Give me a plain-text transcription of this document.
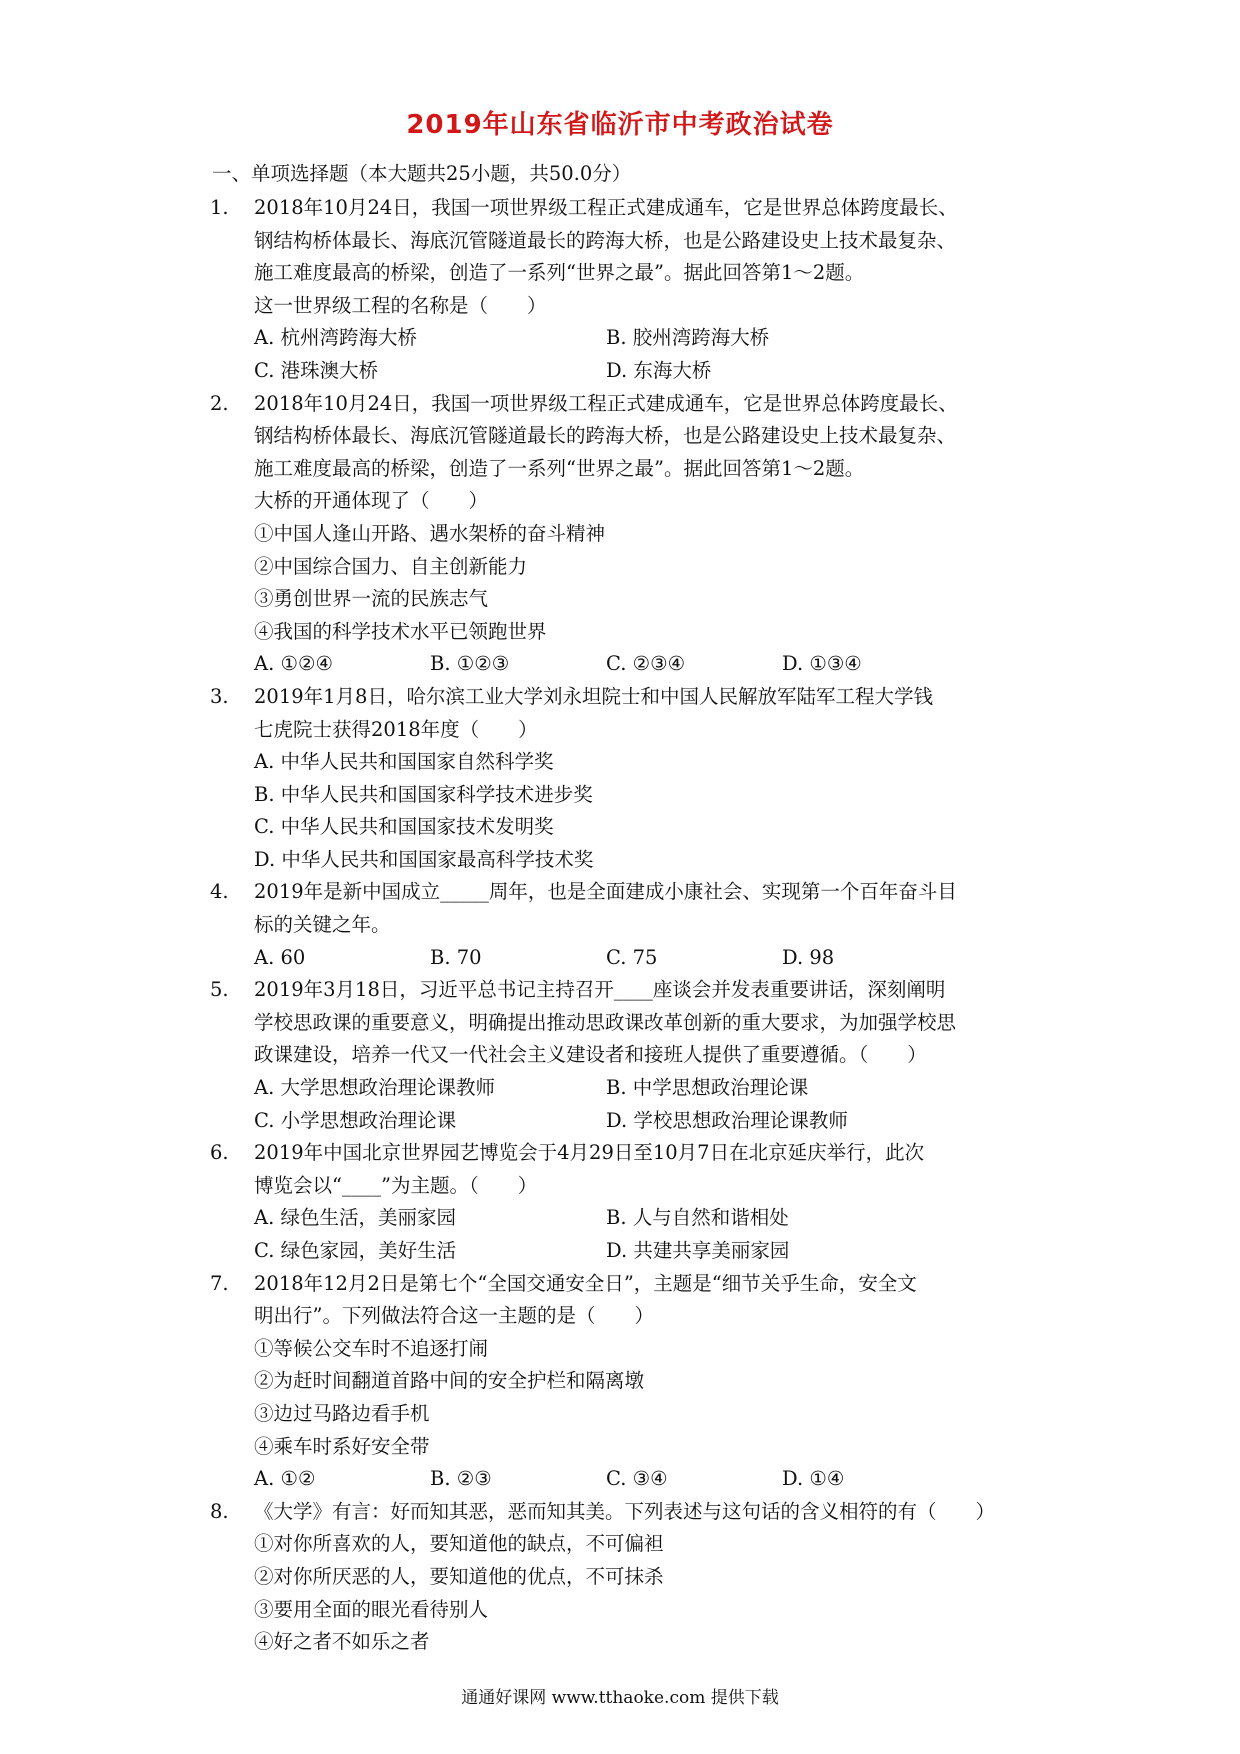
2019年山东省临沂市中考政治试卷
一、单项选择题（本大题共25小题，共50.0分）
1.	2018年10月24日，我国一项世界级工程正式建成通车，它是世界总体跨度最长、
钢结构桥体最长、海底沉管隧道最长的跨海大桥，也是公路建设史上技术最复杂、
施工难度最高的桥梁，创造了一系列“世界之最”。据此回答第1～2题。
这一世界级工程的名称是（　　）
A. 杭州湾跨海大桥	B. 胶州湾跨海大桥
C. 港珠澳大桥	D. 东海大桥
2.	2018年10月24日，我国一项世界级工程正式建成通车，它是世界总体跨度最长、
钢结构桥体最长、海底沉管隧道最长的跨海大桥，也是公路建设史上技术最复杂、
施工难度最高的桥梁，创造了一系列“世界之最”。据此回答第1～2题。
大桥的开通体现了（　　）
①中国人逢山开路、遇水架桥的奋斗精神
②中国综合国力、自主创新能力
③勇创世界一流的民族志气
④我国的科学技术水平已领跑世界
A. ①②④	B. ①②③	C. ②③④	D. ①③④
3.	2019年1月8日，哈尔滨工业大学刘永坦院士和中国人民解放军陆军工程大学钱
七虎院士获得2018年度（　　）
A. 中华人民共和国国家自然科学奖
B. 中华人民共和国国家科学技术进步奖
C. 中华人民共和国国家技术发明奖
D. 中华人民共和国国家最高科学技术奖
4.	2019年是新中国成立_____周年，也是全面建成小康社会、实现第一个百年奋斗目
标的关键之年。
A. 60	B. 70	C. 75	D. 98
5.	2019年3月18日，习近平总书记主持召开____座谈会并发表重要讲话，深刻阐明
学校思政课的重要意义，明确提出推动思政课改革创新的重大要求，为加强学校思
政课建设，培养一代又一代社会主义建设者和接班人提供了重要遵循。（　　）
A. 大学思想政治理论课教师	B. 中学思想政治理论课
C. 小学思想政治理论课	D. 学校思想政治理论课教师
6.	2019年中国北京世界园艺博览会于4月29日至10月7日在北京延庆举行，此次
博览会以“____”为主题。（　　）
A. 绿色生活，美丽家园	B. 人与自然和谐相处
C. 绿色家园，美好生活	D. 共建共享美丽家园
7.	2018年12月2日是第七个“全国交通安全日”，主题是“细节关乎生命，安全文
明出行”。下列做法符合这一主题的是（　　）
①等候公交车时不追逐打闹
②为赶时间翻道首路中间的安全护栏和隔离墩
③边过马路边看手机
④乘车时系好安全带
A. ①②	B. ②③	C. ③④	D. ①④
8.	《大学》有言：好而知其恶，恶而知其美。下列表述与这句话的含义相符的有（　　）
①对你所喜欢的人，要知道他的缺点，不可偏袒
②对你所厌恶的人，要知道他的优点，不可抹杀
③要用全面的眼光看待别人
④好之者不如乐之者
通通好课网 www.tthaoke.com 提供下载
